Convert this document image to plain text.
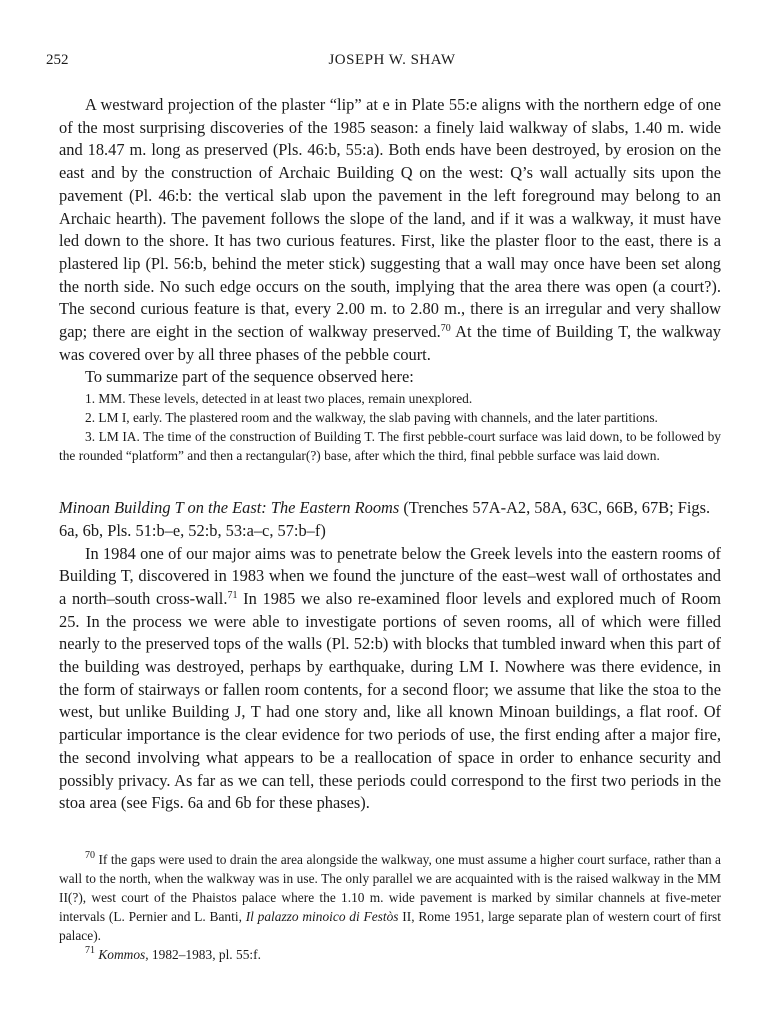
252	JOSEPH W. SHAW

A westward projection of the plaster “lip” at e in Plate 55:e aligns with the northern edge of one of the most surprising discoveries of the 1985 season: a finely laid walkway of slabs, 1.40 m. wide and 18.47 m. long as preserved (Pls. 46:b, 55:a). Both ends have been destroyed, by erosion on the east and by the construction of Archaic Building Q on the west: Q’s wall actually sits upon the pavement (Pl. 46:b: the vertical slab upon the pavement in the left foreground may belong to an Archaic hearth). The pavement follows the slope of the land, and if it was a walkway, it must have led down to the shore. It has two curious features. First, like the plaster floor to the east, there is a plastered lip (Pl. 56:b, behind the meter stick) suggesting that a wall may once have been set along the north side. No such edge occurs on the south, implying that the area there was open (a court?). The second curious feature is that, every 2.00 m. to 2.80 m., there is an irregular and very shallow gap; there are eight in the section of walkway preserved.$^{70}$ At the time of Building T, the walkway was covered over by all three phases of the pebble court.

To summarize part of the sequence observed here:

1. MM. These levels, detected in at least two places, remain unexplored.
2. LM I, early. The plastered room and the walkway, the slab paving with channels, and the later partitions.
3. LM IA. The time of the construction of Building T. The first pebble-court surface was laid down, to be followed by the rounded “platform” and then a rectangular(?) base, after which the third, final pebble surface was laid down.

Minoan Building T on the East: The Eastern Rooms (Trenches 57A-A2, 58A, 63C, 66B, 67B; Figs. 6a, 6b, Pls. 51:b–e, 52:b, 53:a–c, 57:b–f)

In 1984 one of our major aims was to penetrate below the Greek levels into the eastern rooms of Building T, discovered in 1983 when we found the juncture of the east–west wall of orthostates and a north–south cross-wall.$^{71}$ In 1985 we also re-examined floor levels and explored much of Room 25. In the process we were able to investigate portions of seven rooms, all of which were filled nearly to the preserved tops of the walls (Pl. 52:b) with blocks that tumbled inward when this part of the building was destroyed, perhaps by earthquake, during LM I. Nowhere was there evidence, in the form of stairways or fallen room contents, for a second floor; we assume that like the stoa to the west, but unlike Building J, T had one story and, like all known Minoan buildings, a flat roof. Of particular importance is the clear evidence for two periods of use, the first ending after a major fire, the second involving what appears to be a reallocation of space in order to enhance security and possibly privacy. As far as we can tell, these periods could correspond to the first two periods in the stoa area (see Figs. 6a and 6b for these phases).

$^{70}$ If the gaps were used to drain the area alongside the walkway, one must assume a higher court surface, rather than a wall to the north, when the walkway was in use. The only parallel we are acquainted with is the raised walkway in the MM II(?), west court of the Phaistos palace where the 1.10 m. wide pavement is marked by similar channels at five-meter intervals (L. Pernier and L. Banti, Il palazzo minoico di Festòs II, Rome 1951, large separate plan of western court of first palace).

$^{71}$ Kommos, 1982–1983, pl. 55:f.
